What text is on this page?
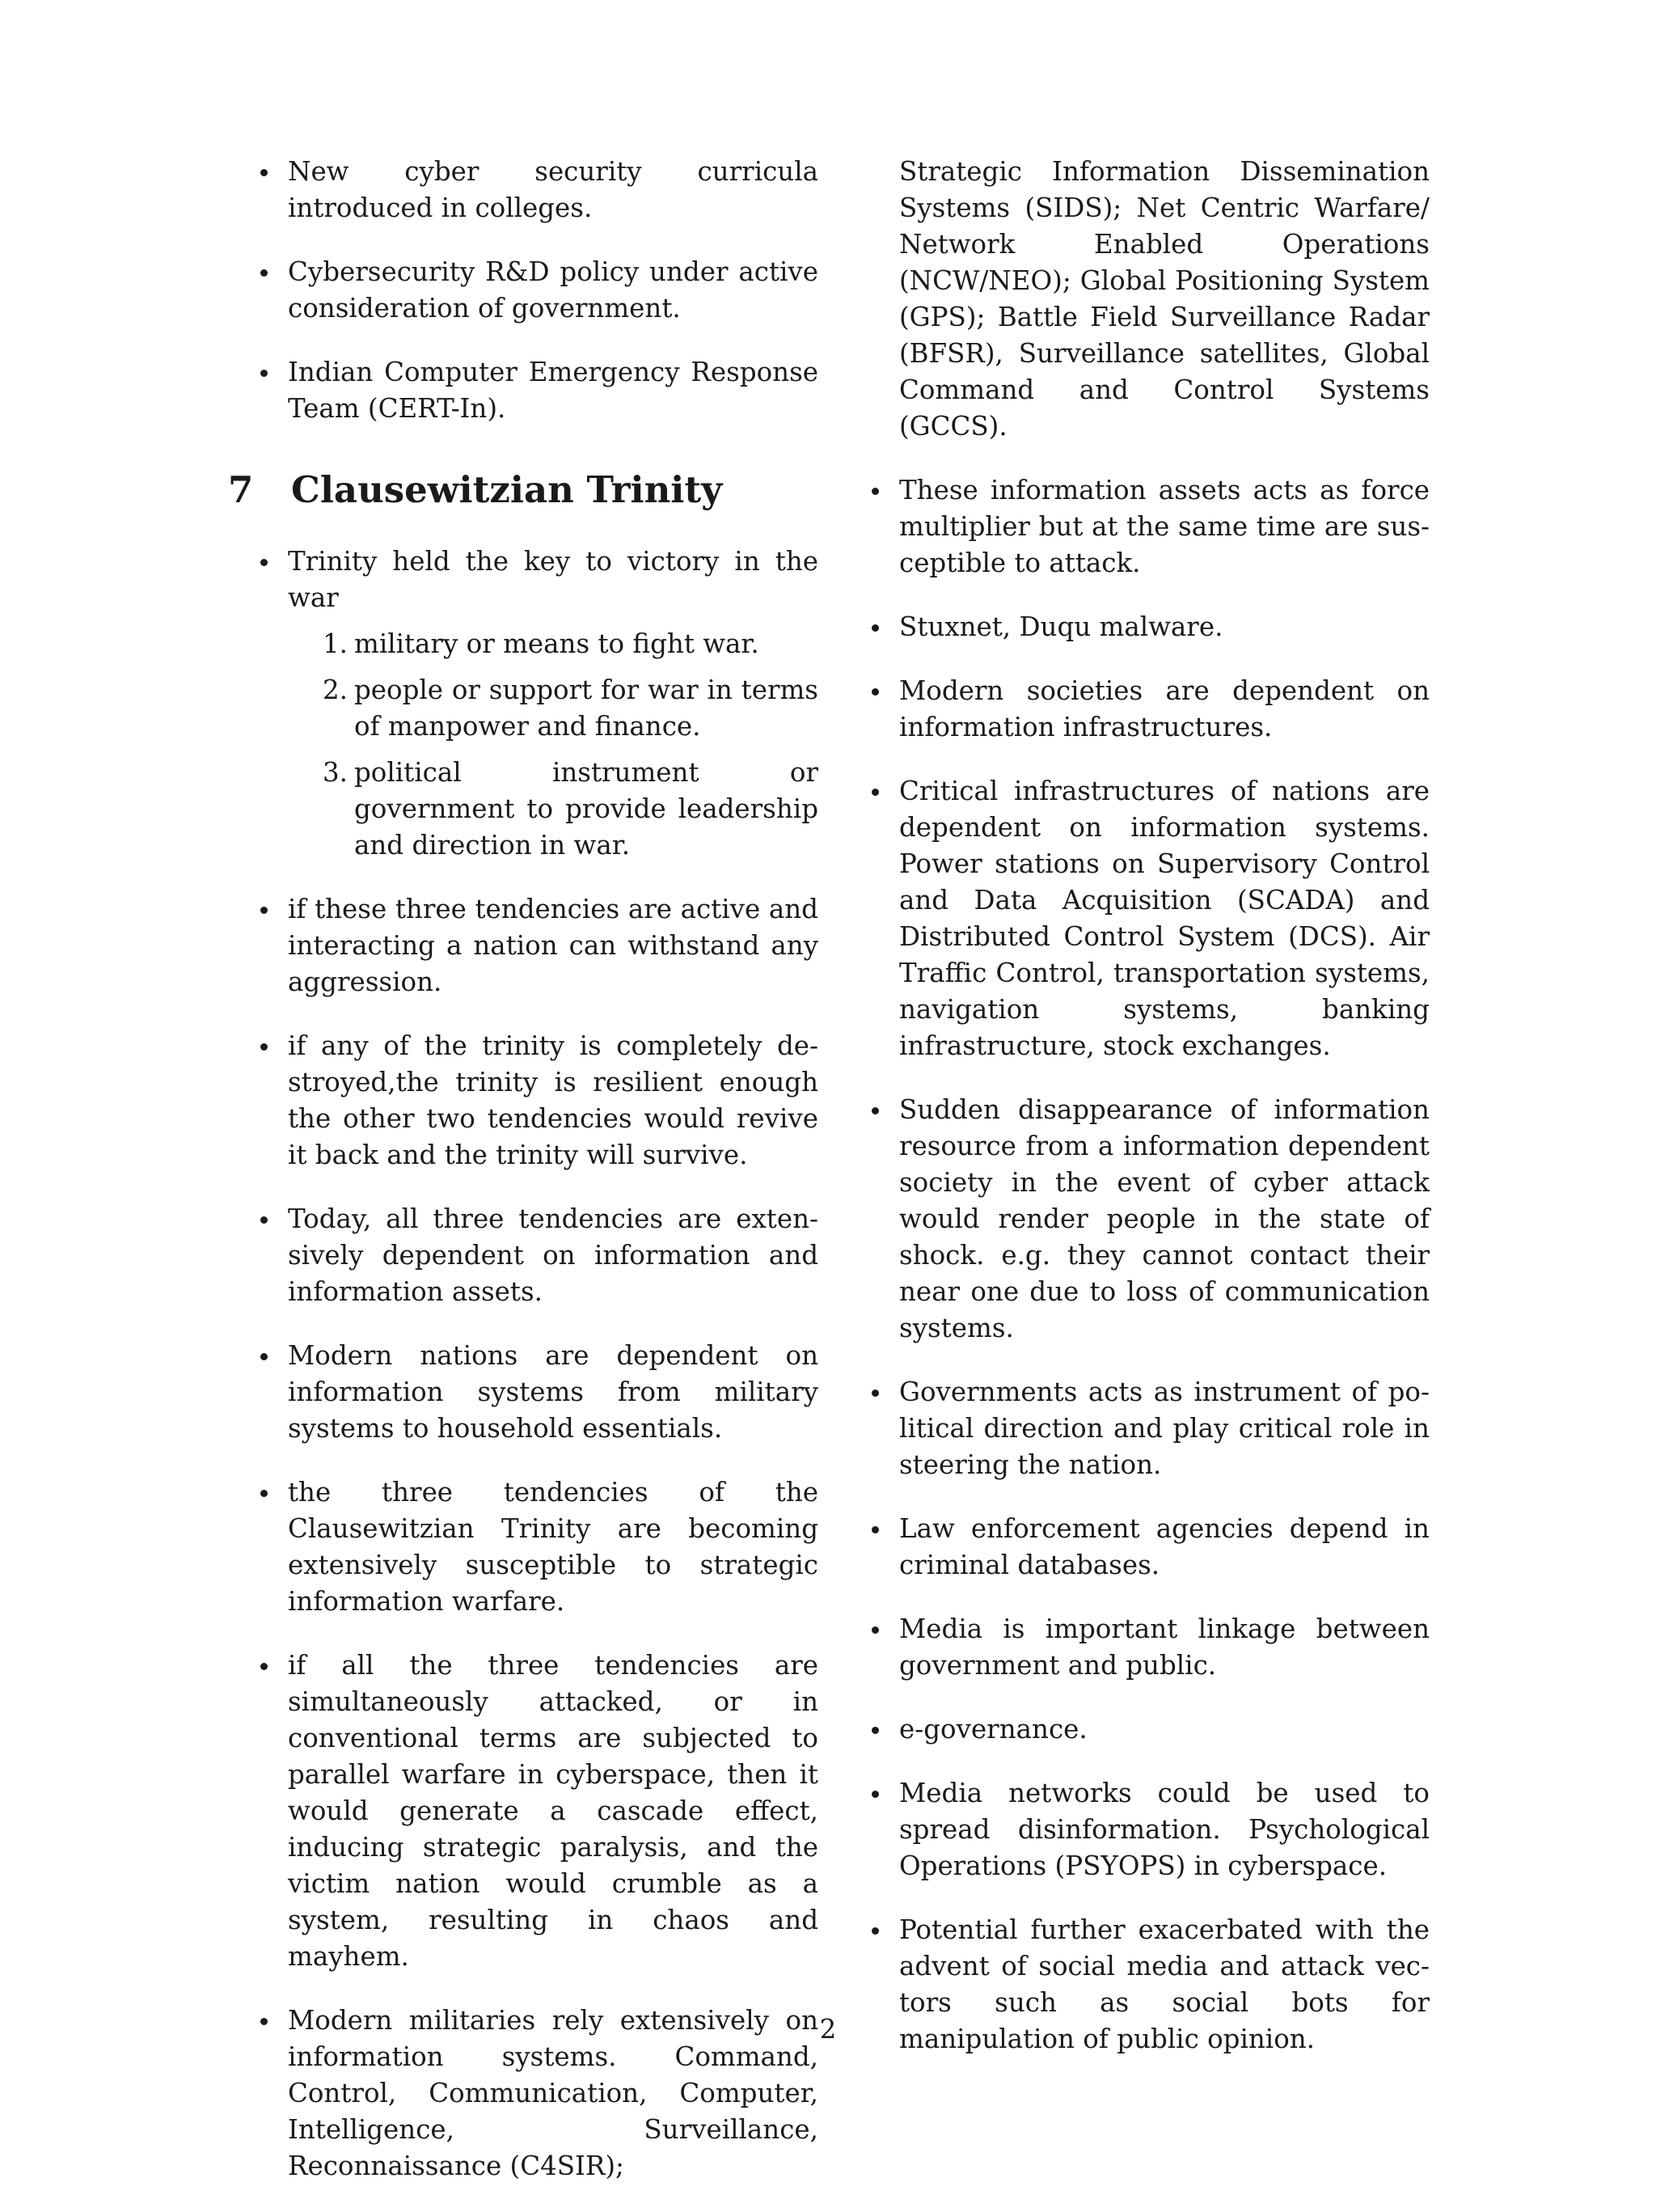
New cyber security curricula introduced in colleges.
Cybersecurity R&D policy under active consideration of government.
Indian Computer Emergency Response Team (CERT-In).
7	Clausewitzian Trinity
Trinity held the key to victory in the war
1. military or means to fight war.
2. people or support for war in terms of manpower and finance.
3. political instrument or government to provide leadership and direction in war.
if these three tendencies are active and interacting a nation can withstand any aggression.
if any of the trinity is completely destroyed,the trinity is resilient enough the other two tendencies would revive it back and the trinity will survive.
Today, all three tendencies are extensively dependent on information and information assets.
Modern nations are dependent on information systems from military systems to household essentials.
the three tendencies of the Clausewitzian Trinity are becoming extensively susceptible to strategic information warfare.
if all the three tendencies are simultaneously attacked, or in conventional terms are subjected to parallel warfare in cyberspace, then it would generate a cascade effect, inducing strategic paralysis, and the victim nation would crumble as a system, resulting in chaos and mayhem.
Modern militaries rely extensively on information systems. Command, Control, Communication, Computer, Intelligence, Surveillance, Reconnaissance (C4SIR);

Strategic Information Dissemination Systems (SIDS); Net Centric Warfare/ Network Enabled Operations (NCW/NEO); Global Positioning System (GPS); Battle Field Surveillance Radar (BFSR), Surveillance satellites, Global Command and Control Systems (GCCS).

These information assets acts as force multiplier but at the same time are susceptible to attack.
Stuxnet, Duqu malware.
Modern societies are dependent on information infrastructures.
Critical infrastructures of nations are dependent on information systems. Power stations on Supervisory Control and Data Acquisition (SCADA) and Distributed Control System (DCS). Air Traffic Control, transportation systems, navigation systems, banking infrastructure, stock exchanges.
Sudden disappearance of information resource from a information dependent society in the event of cyber attack would render people in the state of shock. e.g. they cannot contact their near one due to loss of communication systems.
Governments acts as instrument of political direction and play critical role in steering the nation.
Law enforcement agencies depend in criminal databases.
Media is important linkage between government and public.
e-governance.
Media networks could be used to spread disinformation. Psychological Operations (PSYOPS) in cyberspace.
Potential further exacerbated with the advent of social media and attack vectors such as social bots for manipulation of public opinion.
2
